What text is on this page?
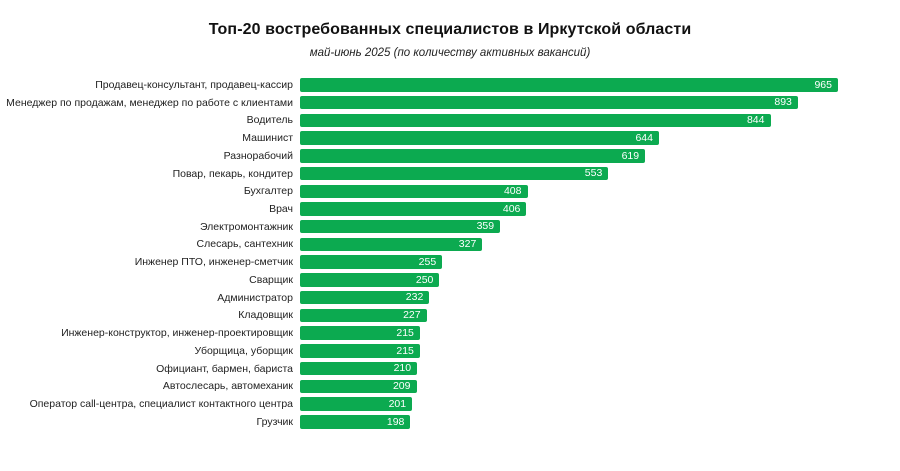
Топ-20 востребованных специалистов в Иркутской области
май-июнь 2025 (по количеству активных вакансий)
Продавец-консультант, продавец-кассир	965
Менеджер по продажам, менеджер по работе с клиентами	893
Водитель	844
Машинист	644
Разнорабочий	619
Повар, пекарь, кондитер	553
Бухгалтер	408
Врач	406
Электромонтажник	359
Слесарь, сантехник	327
Инженер ПТО, инженер-сметчик	255
Сварщик	250
Администратор	232
Кладовщик	227
Инженер-конструктор, инженер-проектировщик	215
Уборщица, уборщик	215
Официант, бармен, бариста	210
Автослесарь, автомеханик	209
Оператор call-центра, специалист контактного центра	201
Грузчик	198
